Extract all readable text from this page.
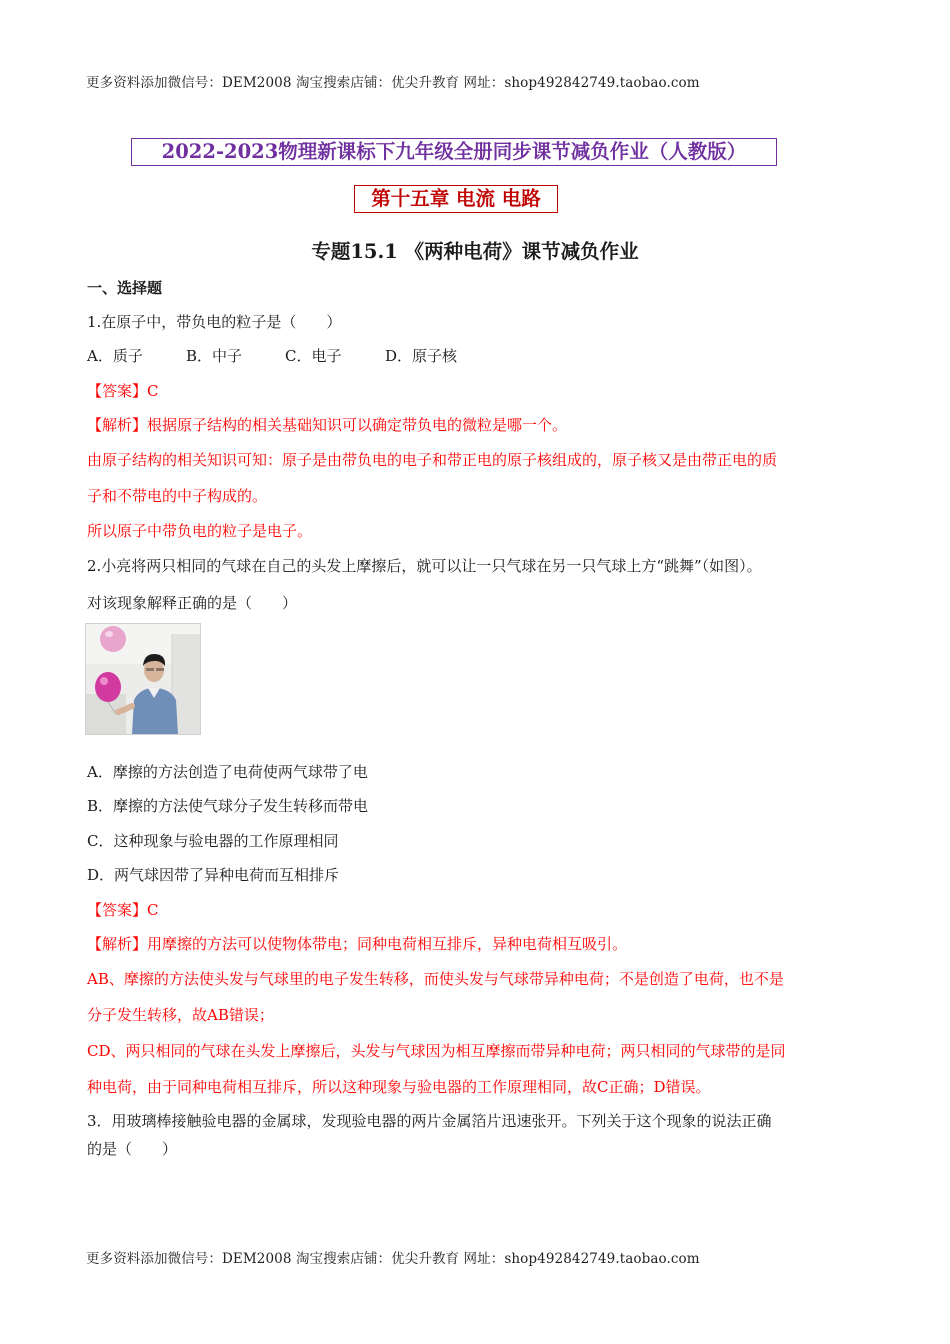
更多资料添加微信号：DEM2008 淘宝搜索店铺：优尖升教育 网址：shop492842749.taobao.com
2022-2023物理新课标下九年级全册同步课节减负作业（人教版）
第十五章 电流 电路
专题15.1 《两种电荷》课节减负作业
一、选择题
1.在原子中，带负电的粒子是（　　）
A．质子	B．中子	C．电子	D．原子核
【答案】C
【解析】根据原子结构的相关基础知识可以确定带负电的微粒是哪一个。
由原子结构的相关知识可知：原子是由带负电的电子和带正电的原子核组成的，原子核又是由带正电的质
子和不带电的中子构成的。
所以原子中带负电的粒子是电子。
2.小亮将两只相同的气球在自己的头发上摩擦后，就可以让一只气球在另一只气球上方“跳舞”（如图）。
对该现象解释正确的是（　　）
A．摩擦的方法创造了电荷使两气球带了电
B．摩擦的方法使气球分子发生转移而带电
C．这种现象与验电器的工作原理相同
D．两气球因带了异种电荷而互相排斥
【答案】C
【解析】用摩擦的方法可以使物体带电；同种电荷相互排斥，异种电荷相互吸引。
AB、摩擦的方法使头发与气球里的电子发生转移，而使头发与气球带异种电荷；不是创造了电荷，也不是
分子发生转移，故AB错误；
CD、两只相同的气球在头发上摩擦后，头发与气球因为相互摩擦而带异种电荷；两只相同的气球带的是同
种电荷，由于同种电荷相互排斥，所以这种现象与验电器的工作原理相同，故C正确；D错误。
3．用玻璃棒接触验电器的金属球，发现验电器的两片金属箔片迅速张开。下列关于这个现象的说法正确
的是（　　）
更多资料添加微信号：DEM2008 淘宝搜索店铺：优尖升教育 网址：shop492842749.taobao.com
